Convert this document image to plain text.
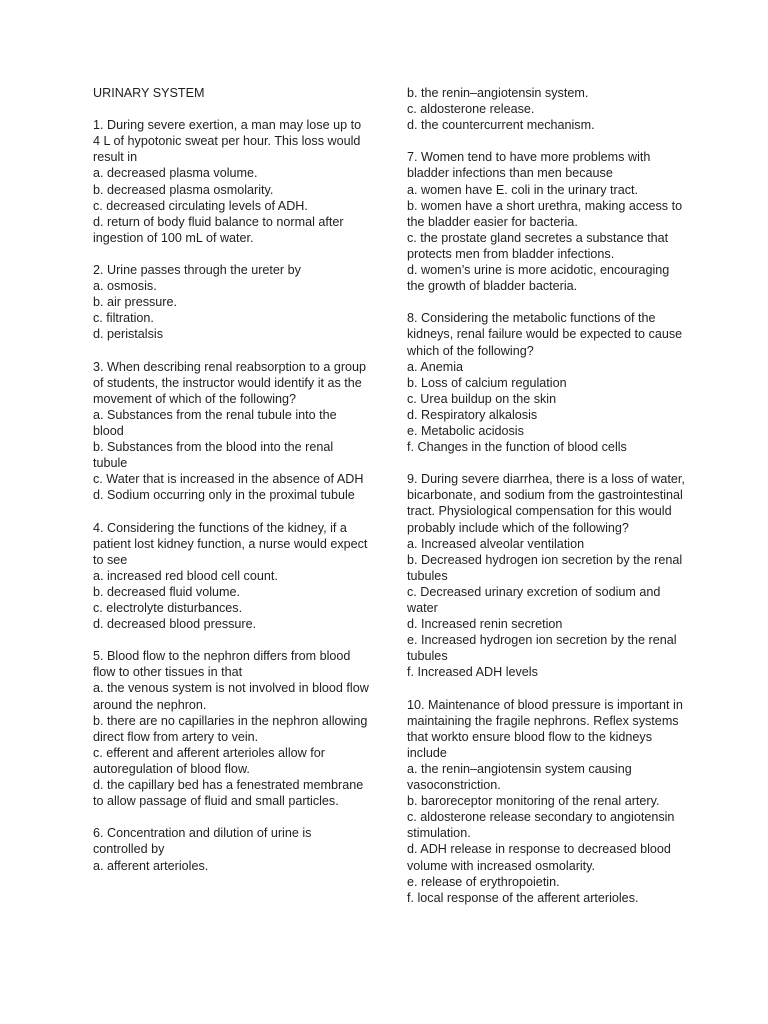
URINARY SYSTEM
1. During severe exertion, a man may lose up to 4 L of hypotonic sweat per hour. This loss would result in
a. decreased plasma volume.
b. decreased plasma osmolarity.
c. decreased circulating levels of ADH.
d. return of body fluid balance to normal after ingestion of 100 mL of water.
2. Urine passes through the ureter by
a. osmosis.
b. air pressure.
c. filtration.
d. peristalsis
3. When describing renal reabsorption to a group of students, the instructor would identify it as the movement of which of the following?
a. Substances from the renal tubule into the blood
b. Substances from the blood into the renal tubule
c. Water that is increased in the absence of ADH
d. Sodium occurring only in the proximal tubule
4. Considering the functions of the kidney, if a patient lost kidney function, a nurse would expect to see
a. increased red blood cell count.
b. decreased fluid volume.
c. electrolyte disturbances.
d. decreased blood pressure.
5. Blood flow to the nephron differs from blood flow to other tissues in that
a. the venous system is not involved in blood flow around the nephron.
b. there are no capillaries in the nephron allowing direct flow from artery to vein.
c. efferent and afferent arterioles allow for autoregulation of blood flow.
d. the capillary bed has a fenestrated membrane to allow passage of fluid and small particles.
6. Concentration and dilution of urine is controlled by
a. afferent arterioles.
b. the renin–angiotensin system.
c. aldosterone release.
d. the countercurrent mechanism.
7. Women tend to have more problems with bladder infections than men because
a. women have E. coli in the urinary tract.
b. women have a short urethra, making access to the bladder easier for bacteria.
c. the prostate gland secretes a substance that protects men from bladder infections.
d. women’s urine is more acidotic, encouraging the growth of bladder bacteria.
8. Considering the metabolic functions of the kidneys, renal failure would be expected to cause which of the following?
a. Anemia
b. Loss of calcium regulation
c. Urea buildup on the skin
d. Respiratory alkalosis
e. Metabolic acidosis
f. Changes in the function of blood cells
9. During severe diarrhea, there is a loss of water, bicarbonate, and sodium from the gastrointestinal tract. Physiological compensation for this would probably include which of the following?
a. Increased alveolar ventilation
b. Decreased hydrogen ion secretion by the renal tubules
c. Decreased urinary excretion of sodium and water
d. Increased renin secretion
e. Increased hydrogen ion secretion by the renal tubules
f. Increased ADH levels
10. Maintenance of blood pressure is important in maintaining the fragile nephrons. Reflex systems that workto ensure blood flow to the kidneys include
a. the renin–angiotensin system causing vasoconstriction.
b. baroreceptor monitoring of the renal artery.
c. aldosterone release secondary to angiotensin stimulation.
d. ADH release in response to decreased blood volume with increased osmolarity.
e. release of erythropoietin.
f. local response of the afferent arterioles.
